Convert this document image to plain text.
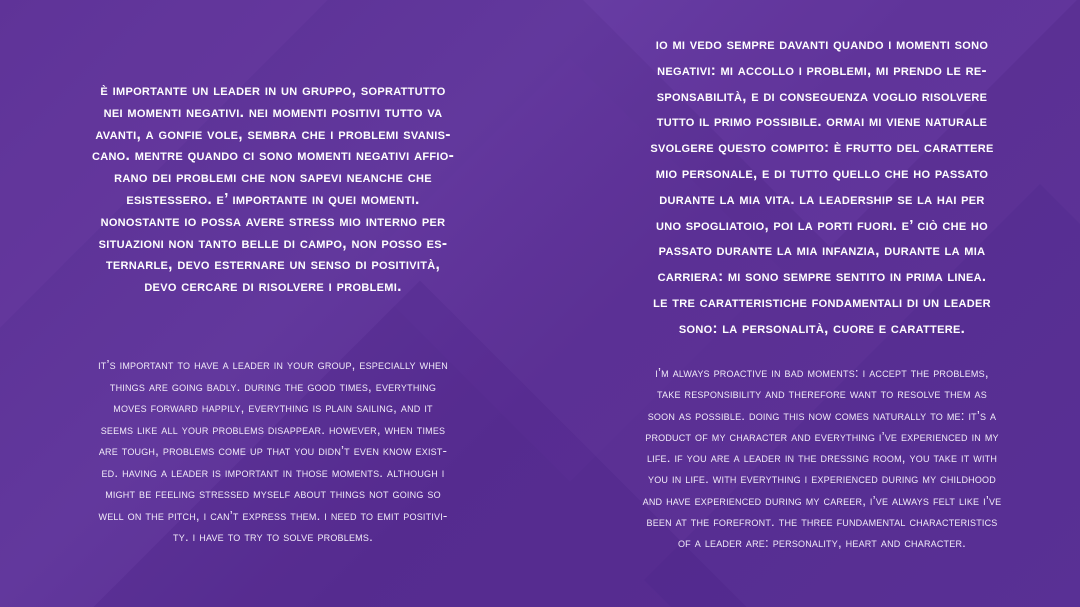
è importante un leader in un gruppo, soprattutto
nei momenti negativi. nei momenti positivi tutto va
avanti, a gonfie vole, sembra che i problemi svanis-
cano. mentre quando ci sono momenti negativi affio-
rano dei problemi che non sapevi neanche che
esistessero. e’ importante in quei momenti.
nonostante io possa avere stress mio interno per
situazioni non tanto belle di campo, non posso es-
ternarle, devo esternare un senso di positività,
devo cercare di risolvere i problemi.

it’s important to have a leader in your group, especially when
things are going badly. during the good times, everything
moves forward happily, everything is plain sailing, and it
seems like all your problems disappear. however, when times
are tough, problems come up that you didn’t even know exist-
ed. having a leader is important in those moments. although i
might be feeling stressed myself about things not going so
well on the pitch, i can’t express them. i need to emit positivi-
ty. i have to try to solve problems.

io mi vedo sempre davanti quando i momenti sono
negativi: mi accollo i problemi, mi prendo le re-
sponsabilità, e di conseguenza voglio risolvere
tutto il primo possibile. ormai mi viene naturale
svolgere questo compito: è frutto del carattere
mio personale, e di tutto quello che ho passato
durante la mia vita. la leadership se la hai per
uno spogliatoio, poi la porti fuori. e’ ciò che ho
passato durante la mia infanzia, durante la mia
carriera: mi sono sempre sentito in prima linea.
le tre caratteristiche fondamentali di un leader
sono: la personalità, cuore e carattere.

i’m always proactive in bad moments: i accept the problems,
take responsibility and therefore want to resolve them as
soon as possible. doing this now comes naturally to me: it’s a
product of my character and everything i’ve experienced in my
life. if you are a leader in the dressing room, you take it with
you in life. with everything i experienced during my childhood
and have experienced during my career, i’ve always felt like i’ve
been at the forefront. the three fundamental characteristics
of a leader are: personality, heart and character.
